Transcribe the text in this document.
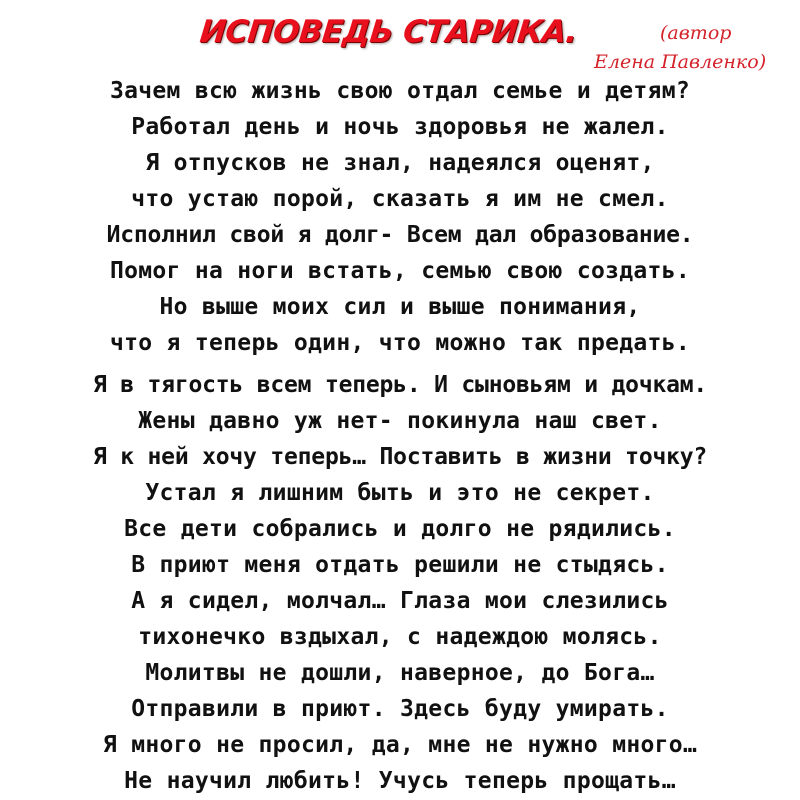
ИСПОВЕДЬ СТАРИКА.	(автор
Елена Павленко)
Зачем всю жизнь свою отдал семье и детям?
Работал день и ночь здоровья не жалел.
Я отпусков не знал, надеялся оценят,
что устаю порой, сказать я им не смел.
Исполнил свой я долг- Всем дал образование.
Помог на ноги встать, семью свою создать.
Но выше моих сил и выше понимания,
что я теперь один, что можно так предать.
Я в тягость всем теперь. И сыновьям и дочкам.
Жены давно уж нет- покинула наш свет.
Я к ней хочу теперь… Поставить в жизни точку?
Устал я лишним быть и это не секрет.
Все дети собрались и долго не рядились.
В приют меня отдать решили не стыдясь.
А я сидел, молчал… Глаза мои слезились
тихонечко вздыхал, с надеждою молясь.
Молитвы не дошли, наверное, до Бога…
Отправили в приют. Здесь буду умирать.
Я много не просил, да, мне не нужно много…
Не научил любить! Учусь теперь прощать…
